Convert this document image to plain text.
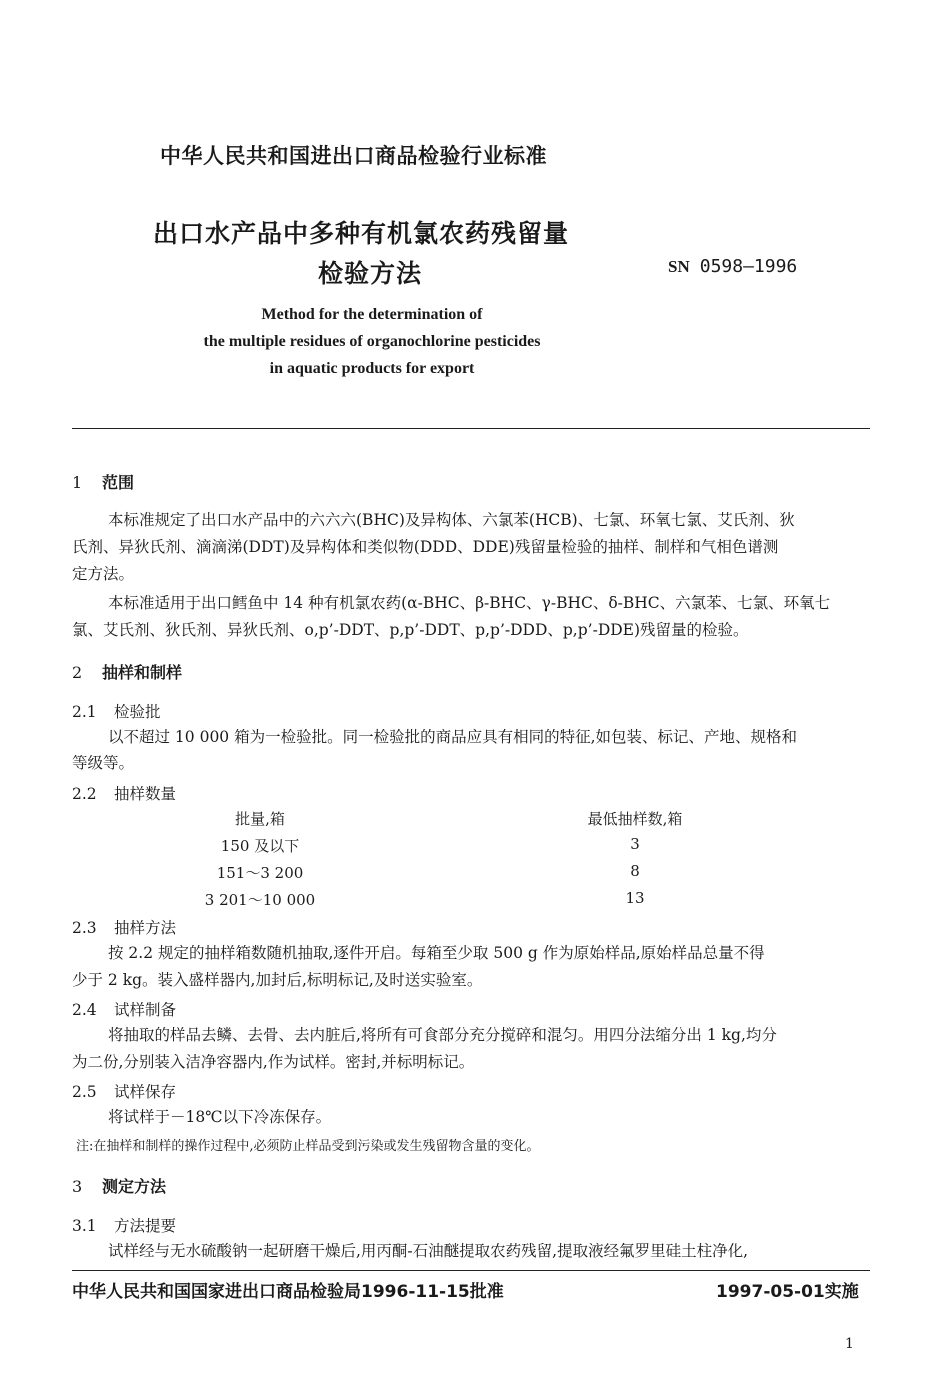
中华人民共和国进出口商品检验行业标准
出口水产品中多种有机氯农药残留量
检验方法	SN 0598—1996
Method for the determination of
the multiple residues of organochlorine pesticides
in aquatic products for export
1 范围
本标准规定了出口水产品中的六六六(BHC)及异构体、六氯苯(HCB)、七氯、环氧七氯、艾氏剂、狄
氏剂、异狄氏剂、滴滴涕(DDT)及异构体和类似物(DDD、DDE)残留量检验的抽样、制样和气相色谱测
定方法。
本标准适用于出口鳕鱼中 14 种有机氯农药(α-BHC、β-BHC、γ-BHC、δ-BHC、六氯苯、七氯、环氧七
氯、艾氏剂、狄氏剂、异狄氏剂、o,p’-DDT、p,p’-DDT、p,p’-DDD、p,p’-DDE)残留量的检验。
2 抽样和制样
2.1 检验批
以不超过 10 000 箱为一检验批。同一检验批的商品应具有相同的特征,如包装、标记、产地、规格和
等级等。
2.2 抽样数量
批量,箱	最低抽样数,箱
150 及以下	3
151～3 200	8
3 201～10 000	13
2.3 抽样方法
按 2.2 规定的抽样箱数随机抽取,逐件开启。每箱至少取 500 g 作为原始样品,原始样品总量不得
少于 2 kg。装入盛样器内,加封后,标明标记,及时送实验室。
2.4 试样制备
将抽取的样品去鳞、去骨、去内脏后,将所有可食部分充分搅碎和混匀。用四分法缩分出 1 kg,均分
为二份,分别装入洁净容器内,作为试样。密封,并标明标记。
2.5 试样保存
将试样于－18℃以下冷冻保存。
注:在抽样和制样的操作过程中,必须防止样品受到污染或发生残留物含量的变化。
3 测定方法
3.1 方法提要
试样经与无水硫酸钠一起研磨干燥后,用丙酮-石油醚提取农药残留,提取液经氟罗里硅土柱净化,
中华人民共和国国家进出口商品检验局1996-11-15批准	1997-05-01实施
1
